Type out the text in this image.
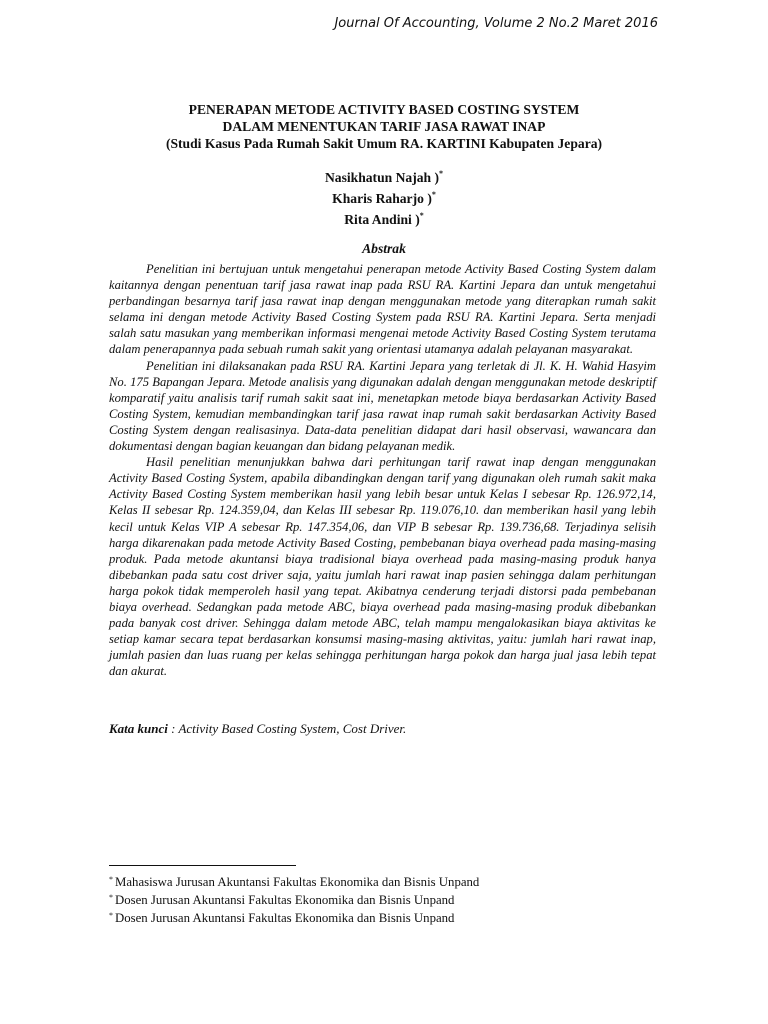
Journal Of Accounting, Volume 2 No.2 Maret 2016
PENERAPAN METODE ACTIVITY BASED COSTING SYSTEM
DALAM MENENTUKAN TARIF JASA RAWAT INAP
(Studi Kasus Pada Rumah Sakit Umum RA. KARTINI Kabupaten Jepara)
Nasikhatun Najah )*
Kharis Raharjo )*
Rita Andini )*
Abstrak

Penelitian ini bertujuan untuk mengetahui penerapan metode Activity Based Costing System dalam kaitannya dengan penentuan tarif jasa rawat inap pada RSU RA. Kartini Jepara dan untuk mengetahui perbandingan besarnya tarif jasa rawat inap dengan menggunakan metode yang diterapkan rumah sakit selama ini dengan metode Activity Based Costing System pada RSU RA. Kartini Jepara. Serta menjadi salah satu masukan yang memberikan informasi mengenai metode Activity Based Costing System terutama dalam penerapannya pada sebuah rumah sakit yang orientasi utamanya adalah pelayanan masyarakat.

Penelitian ini dilaksanakan pada RSU RA. Kartini Jepara yang terletak di Jl. K. H. Wahid Hasyim No. 175 Bapangan Jepara. Metode analisis yang digunakan adalah dengan menggunakan metode deskriptif komparatif yaitu analisis tarif rumah sakit saat ini, menetapkan metode biaya berdasarkan Activity Based Costing System, kemudian membandingkan tarif jasa rawat inap rumah sakit berdasarkan Activity Based Costing System dengan realisasinya. Data-data penelitian didapat dari hasil observasi, wawancara dan dokumentasi dengan bagian keuangan dan bidang pelayanan medik.

Hasil penelitian menunjukkan bahwa dari perhitungan tarif rawat inap dengan menggunakan Activity Based Costing System, apabila dibandingkan dengan tarif yang digunakan oleh rumah sakit maka Activity Based Costing System memberikan hasil yang lebih besar untuk Kelas I sebesar Rp. 126.972,14, Kelas II sebesar Rp. 124.359,04, dan Kelas III sebesar Rp. 119.076,10. dan memberikan hasil yang lebih kecil untuk Kelas VIP A sebesar Rp. 147.354,06, dan VIP B sebesar Rp. 139.736,68. Terjadinya selisih harga dikarenakan pada metode Activity Based Costing, pembebanan biaya overhead pada masing-masing produk. Pada metode akuntansi biaya tradisional biaya overhead pada masing-masing produk hanya dibebankan pada satu cost driver saja, yaitu jumlah hari rawat inap pasien sehingga dalam perhitungan harga pokok tidak memperoleh hasil yang tepat. Akibatnya cenderung terjadi distorsi pada pembebanan biaya overhead. Sedangkan pada metode ABC, biaya overhead pada masing-masing produk dibebankan pada banyak cost driver. Sehingga dalam metode ABC, telah mampu mengalokasikan biaya aktivitas ke setiap kamar secara tepat berdasarkan konsumsi masing-masing aktivitas, yaitu: jumlah hari rawat inap, jumlah pasien dan luas ruang per kelas sehingga perhitungan harga pokok dan harga jual jasa lebih tepat dan akurat.

Kata kunci : Activity Based Costing System, Cost Driver.
* Mahasiswa Jurusan Akuntansi Fakultas Ekonomika dan Bisnis Unpand
* Dosen Jurusan Akuntansi Fakultas Ekonomika dan Bisnis Unpand
* Dosen Jurusan Akuntansi Fakultas Ekonomika dan Bisnis Unpand
